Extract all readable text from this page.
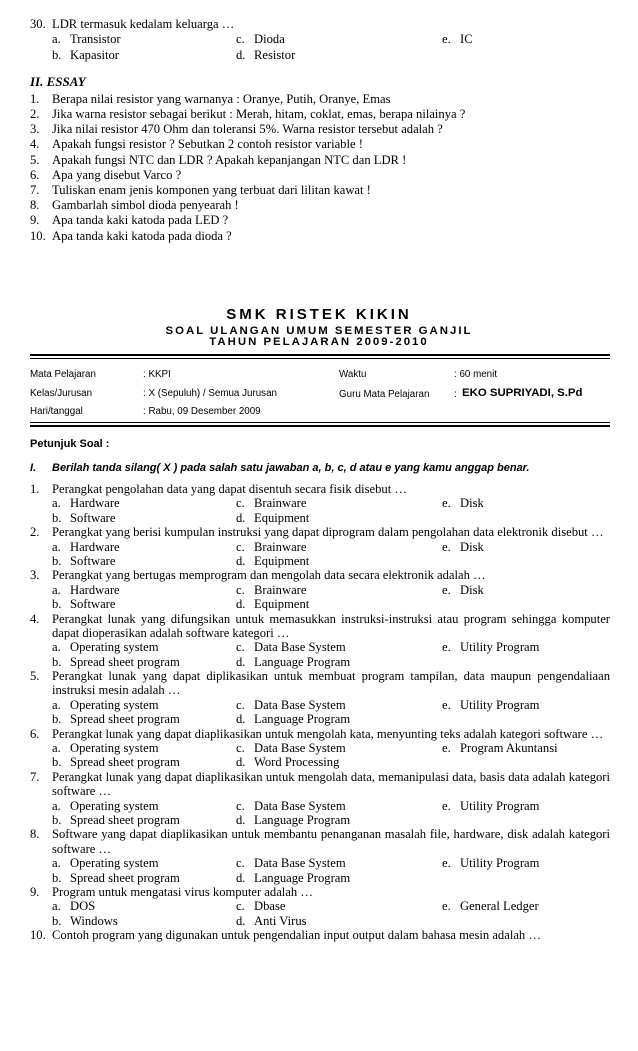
30. LDR termasuk kedalam keluarga …
a. Transistor	c. Dioda	e. IC
b. Kapasitor	d. Resistor
II. ESSAY
1. Berapa nilai resistor yang warnanya : Oranye, Putih, Oranye, Emas
2. Jika warna resistor sebagai berikut : Merah, hitam, coklat, emas, berapa nilainya ?
3. Jika nilai resistor 470 Ohm dan toleransi 5%. Warna resistor tersebut adalah ?
4. Apakah fungsi resistor ? Sebutkan 2 contoh resistor variable !
5. Apakah fungsi NTC dan LDR ? Apakah kepanjangan NTC dan LDR !
6. Apa yang disebut Varco ?
7. Tuliskan enam jenis komponen yang terbuat dari lilitan kawat !
8. Gambarlah simbol dioda penyearah !
9. Apa tanda kaki katoda pada LED ?
10. Apa tanda kaki katoda pada dioda ?
SMK RISTEK KIKIN
SOAL ULANGAN UMUM SEMESTER GANJIL
TAHUN PELAJARAN 2009-2010
Mata Pelajaran	: KKPI
Kelas/Jurusan	: X (Sepuluh) / Semua Jurusan
Hari/tanggal	: Rabu, 09 Desember 2009
Waktu	: 60 menit
Guru Mata Pelajaran	: EKO SUPRIYADI, S.Pd
Petunjuk Soal :
I. Berilah tanda silang( X ) pada salah satu jawaban a, b, c, d atau e yang kamu anggap benar.
1. Perangkat pengolahan data yang dapat disentuh secara fisik disebut …
a. Hardware	c. Brainware	e. Disk
b. Software	d. Equipment
2. Perangkat yang berisi kumpulan instruksi yang dapat diprogram dalam pengolahan data elektronik disebut …
a. Hardware	c. Brainware	e. Disk
b. Software	d. Equipment
3. Perangkat yang bertugas memprogram dan mengolah data secara elektronik adalah …
a. Hardware	c. Brainware	e. Disk
b. Software	d. Equipment
4. Perangkat lunak yang difungsikan untuk memasukkan instruksi-instruksi atau program sehingga komputer
dapat dioperasikan adalah software kategori …
a. Operating system	c. Data Base System	e. Utility Program
b. Spread sheet program	d. Language Program
5. Perangkat lunak yang dapat diplikasikan untuk membuat program tampilan, data maupun pengendaliaan
instruksi mesin adalah …
a. Operating system	c. Data Base System	e. Utility Program
b. Spread sheet program	d. Language Program
6. Perangkat lunak yang dapat diaplikasikan untuk mengolah kata, menyunting teks adalah kategori software …
a. Operating system	c. Data Base System	e. Program Akuntansi
b. Spread sheet program	d. Word Processing
7. Perangkat lunak yang dapat diaplikasikan untuk mengolah data, memanipulasi data, basis data adalah kategori
software …
a. Operating system	c. Data Base System	e. Utility Program
b. Spread sheet program	d. Language Program
8. Software yang dapat diaplikasikan untuk membantu penanganan masalah file, hardware, disk adalah kategori
software …
a. Operating system	c. Data Base System	e. Utility Program
b. Spread sheet program	d. Language Program
9. Program untuk mengatasi virus komputer adalah …
a. DOS	c. Dbase	e. General Ledger
b. Windows	d. Anti Virus
10. Contoh program yang digunakan untuk pengendalian input output dalam bahasa mesin adalah …
